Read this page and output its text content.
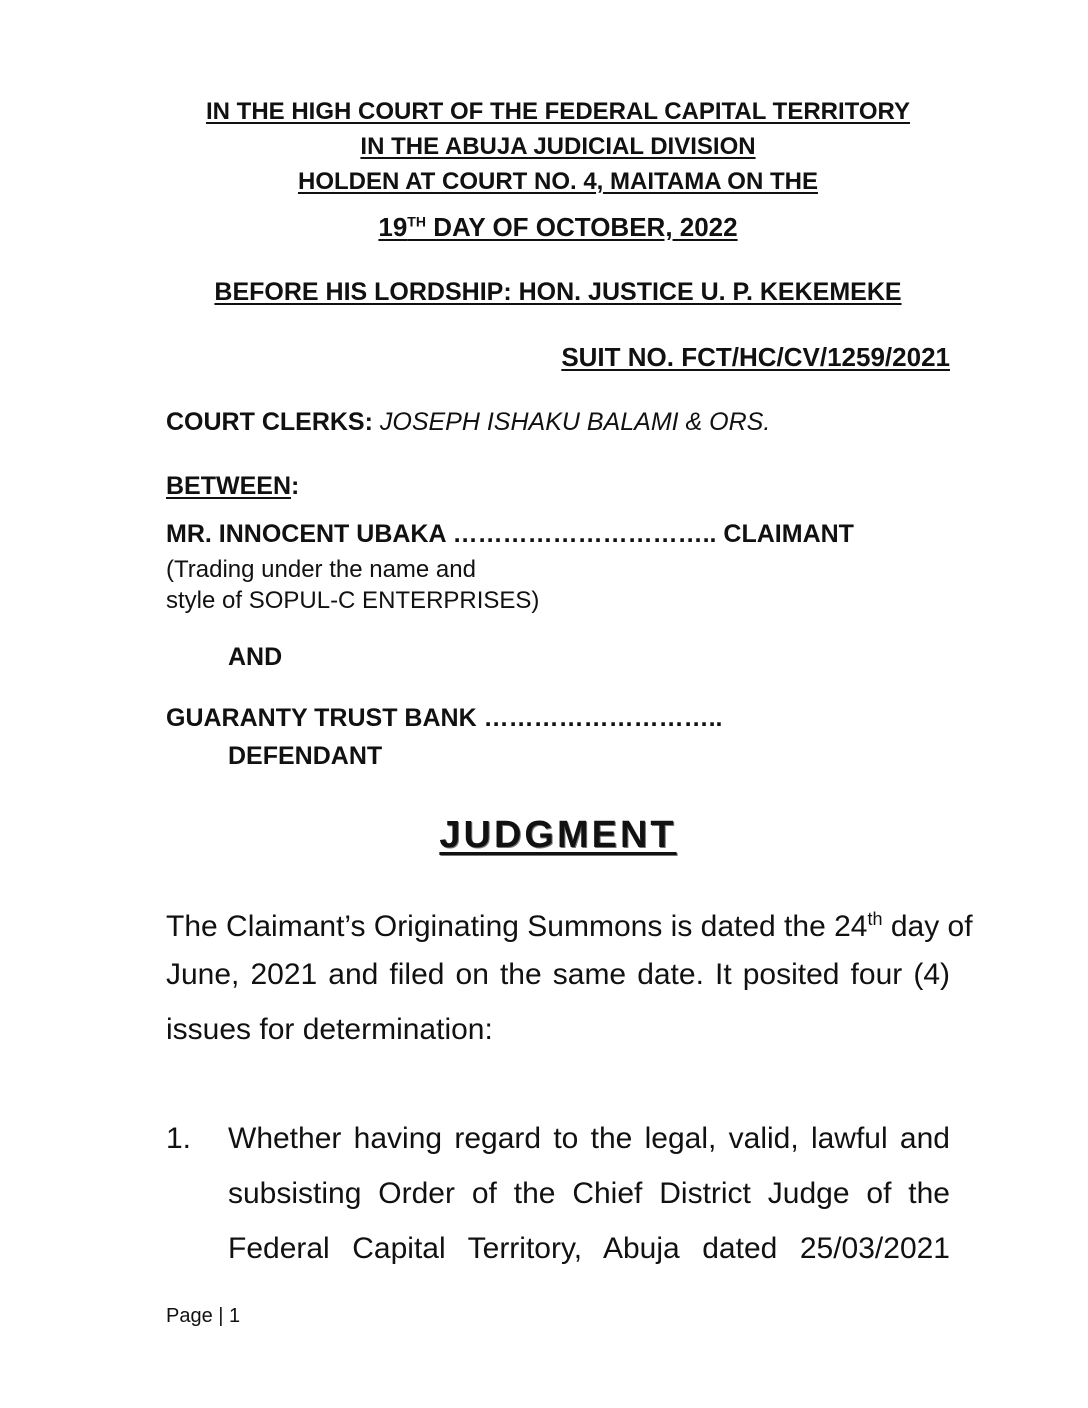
IN THE HIGH COURT OF THE FEDERAL CAPITAL TERRITORY
IN THE ABUJA JUDICIAL DIVISION
HOLDEN AT COURT NO. 4, MAITAMA ON THE
19TH DAY OF OCTOBER, 2022
BEFORE HIS LORDSHIP: HON. JUSTICE U. P. KEKEMEKE
SUIT NO. FCT/HC/CV/1259/2021
COURT CLERKS: JOSEPH ISHAKU BALAMI & ORS.
BETWEEN:
MR. INNOCENT UBAKA ………………………….. CLAIMANT
(Trading under the name and
style of SOPUL-C ENTERPRISES)
AND
GUARANTY TRUST BANK ………………………..
DEFENDANT
JUDGMENT
The Claimant’s Originating Summons is dated the 24th day of
June, 2021 and filed on the same date. It posited four (4)
issues for determination:
1. Whether having regard to the legal, valid, lawful and
subsisting Order of the Chief District Judge of the
Federal Capital Territory, Abuja dated 25/03/2021
Page | 1
